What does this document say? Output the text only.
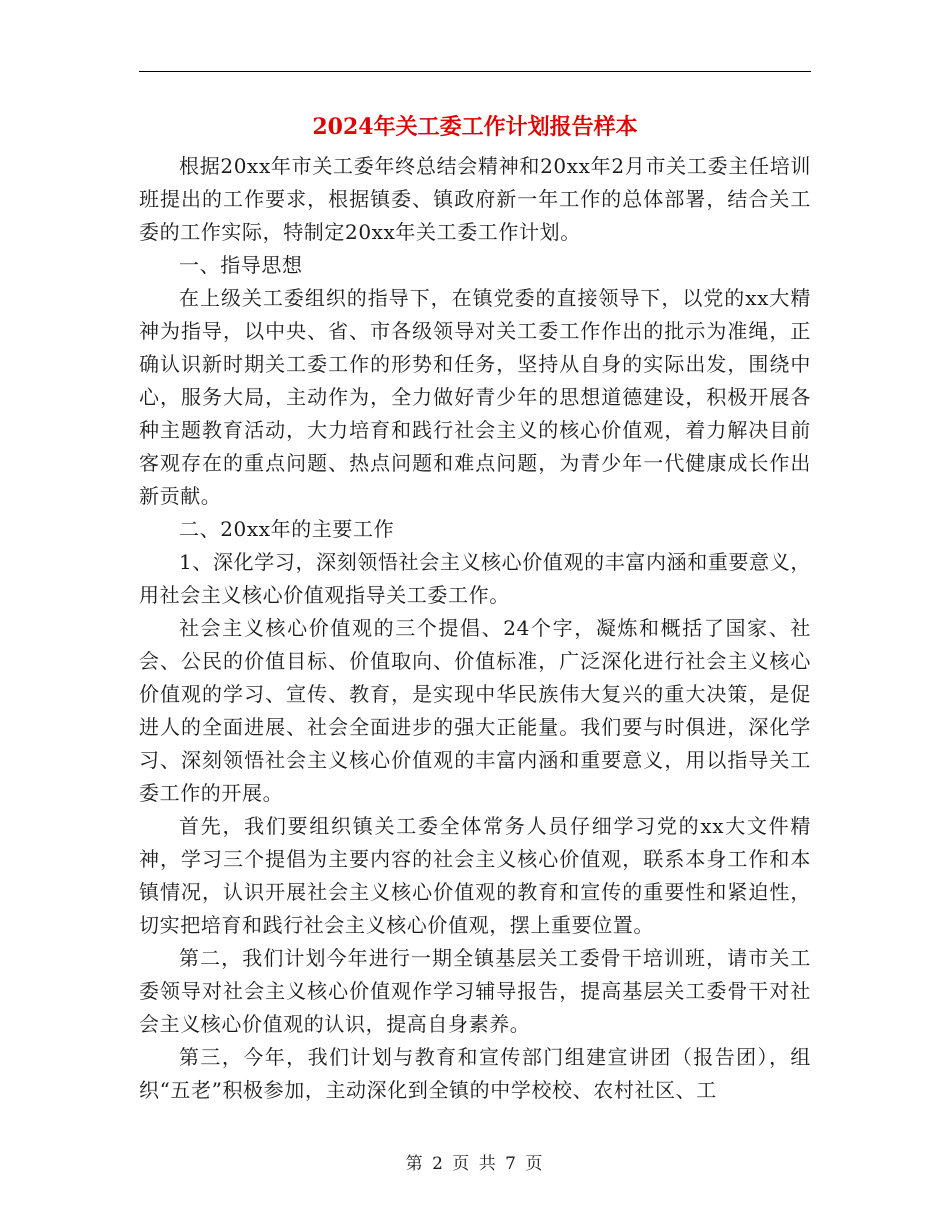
2024年关工委工作计划报告样本

根据20xx年市关工委年终总结会精神和20xx年2月市关工委主任培训班提出的工作要求，根据镇委、镇政府新一年工作的总体部署，结合关工委的工作实际，特制定20xx年关工委工作计划。

一、指导思想

在上级关工委组织的指导下，在镇党委的直接领导下，以党的xx大精神为指导，以中央、省、市各级领导对关工委工作作出的批示为准绳，正确认识新时期关工委工作的形势和任务，坚持从自身的实际出发，围绕中心，服务大局，主动作为，全力做好青少年的思想道德建设，积极开展各种主题教育活动，大力培育和践行社会主义的核心价值观，着力解决目前客观存在的重点问题、热点问题和难点问题，为青少年一代健康成长作出新贡献。

二、20xx年的主要工作

1、深化学习，深刻领悟社会主义核心价值观的丰富内涵和重要意义，用社会主义核心价值观指导关工委工作。

社会主义核心价值观的三个提倡、24个字，凝炼和概括了国家、社会、公民的价值目标、价值取向、价值标准，广泛深化进行社会主义核心价值观的学习、宣传、教育，是实现中华民族伟大复兴的重大决策，是促进人的全面进展、社会全面进步的强大正能量。我们要与时俱进，深化学习、深刻领悟社会主义核心价值观的丰富内涵和重要意义，用以指导关工委工作的开展。

首先，我们要组织镇关工委全体常务人员仔细学习党的xx大文件精神，学习三个提倡为主要内容的社会主义核心价值观，联系本身工作和本镇情况，认识开展社会主义核心价值观的教育和宣传的重要性和紧迫性，切实把培育和践行社会主义核心价值观，摆上重要位置。

第二，我们计划今年进行一期全镇基层关工委骨干培训班，请市关工委领导对社会主义核心价值观作学习辅导报告，提高基层关工委骨干对社会主义核心价值观的认识，提高自身素养。

第三，今年，我们计划与教育和宣传部门组建宣讲团（报告团），组织“五老”积极参加，主动深化到全镇的中学校校、农村社区、工

第 2 页 共 7 页
